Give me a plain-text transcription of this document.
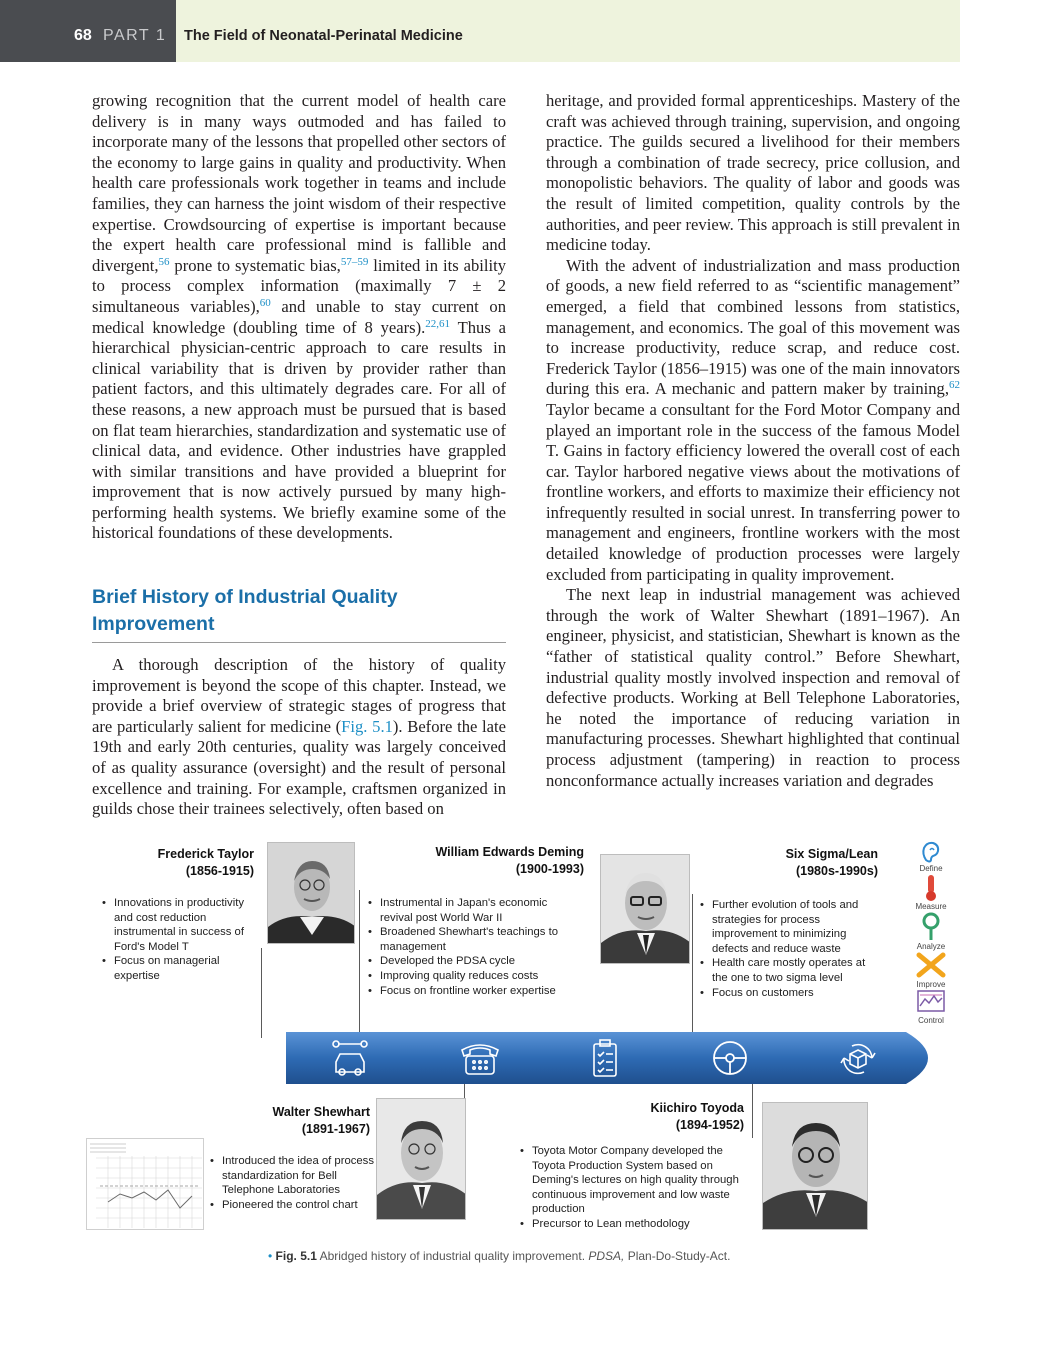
68 PART 1 The Field of Neonatal-Perinatal Medicine

growing recognition that the current model of health care delivery is in many ways outmoded and has failed to incorporate many of the lessons that propelled other sectors of the economy to large gains in quality and productivity. When health care professionals work together in teams and include families, they can harness the joint wisdom of their respective expertise. Crowdsourcing of expertise is important because the expert health care professional mind is fallible and divergent,$^{56}$ prone to systematic bias,$^{57-59}$ limited in its ability to process complex information (maximally 7 ± 2 simultaneous variables),$^{60}$ and unable to stay current on medical knowledge (doubling time of 8 years).$^{22,61}$ Thus a hierarchical physician-centric approach to care results in clinical variability that is driven by provider rather than patient factors, and this ultimately degrades care. For all of these reasons, a new approach must be pursued that is based on flat team hierarchies, standardization and systematic use of clinical data, and evidence. Other industries have grappled with similar transitions and have provided a blueprint for improvement that is now actively pursued by many high-performing health systems. We briefly examine some of the historical foundations of these developments.

Brief History of Industrial Quality Improvement

A thorough description of the history of quality improvement is beyond the scope of this chapter. Instead, we provide a brief overview of strategic stages of progress that are particularly salient for medicine (Fig. 5.1). Before the late 19th and early 20th centuries, quality was largely conceived of as quality assurance (oversight) and the result of personal excellence and training. For example, craftsmen organized in guilds chose their trainees selectively, often based on

heritage, and provided formal apprenticeships. Mastery of the craft was achieved through training, supervision, and ongoing practice. The guilds secured a livelihood for their members through a combination of trade secrecy, price collusion, and monopolistic behaviors. The quality of labor and goods was the result of limited competition, quality controls by the authorities, and peer review. This approach is still prevalent in medicine today.

With the advent of industrialization and mass production of goods, a new field referred to as “scientific management” emerged, a field that combined lessons from statistics, management, and economics. The goal of this movement was to increase productivity, reduce scrap, and reduce cost. Frederick Taylor (1856–1915) was one of the main innovators during this era. A mechanic and pattern maker by training,$^{62}$ Taylor became a consultant for the Ford Motor Company and played an important role in the success of the famous Model T. Gains in factory efficiency lowered the overall cost of each car. Taylor harbored negative views about the motivations of frontline workers, and efforts to maximize their efficiency not infrequently resulted in social unrest. In transferring power to management and engineers, frontline workers with the most detailed knowledge of production processes were largely excluded from participating in quality improvement.

The next leap in industrial management was achieved through the work of Walter Shewhart (1891–1967). An engineer, physicist, and statistician, Shewhart is known as the “father of statistical quality control.” Before Shewhart, industrial quality mostly involved inspection and removal of defective products. Working at Bell Telephone Laboratories, he noted the importance of reducing variation in manufacturing processes. Shewhart highlighted that continual process adjustment (tampering) in reaction to process nonconformance actually increases variation and degrades

Frederick Taylor
(1856-1915)
• Innovations in productivity and cost reduction instrumental in success of Ford's Model T
• Focus on managerial expertise
William Edwards Deming
(1900-1993)
• Instrumental in Japan's economic revival post World War II
• Broadened Shewhart's teachings to management
• Developed the PDSA cycle
• Improving quality reduces costs
• Focus on frontline worker expertise
Six Sigma/Lean
(1980s-1990s)
• Further evolution of tools and strategies for process improvement to minimizing defects and reduce waste
• Health care mostly operates at the one to two sigma level
• Focus on customers
Define
Measure
Analyze
Improve
Control
Walter Shewhart
(1891-1967)
• Introduced the idea of process standardization for Bell Telephone Laboratories
• Pioneered the control chart
Kiichiro Toyoda
(1894-1952)
• Toyota Motor Company developed the Toyota Production System based on Deming's lectures on high quality through continuous improvement and low waste production
• Precursor to Lean methodology
• Fig. 5.1 Abridged history of industrial quality improvement. PDSA, Plan-Do-Study-Act.
